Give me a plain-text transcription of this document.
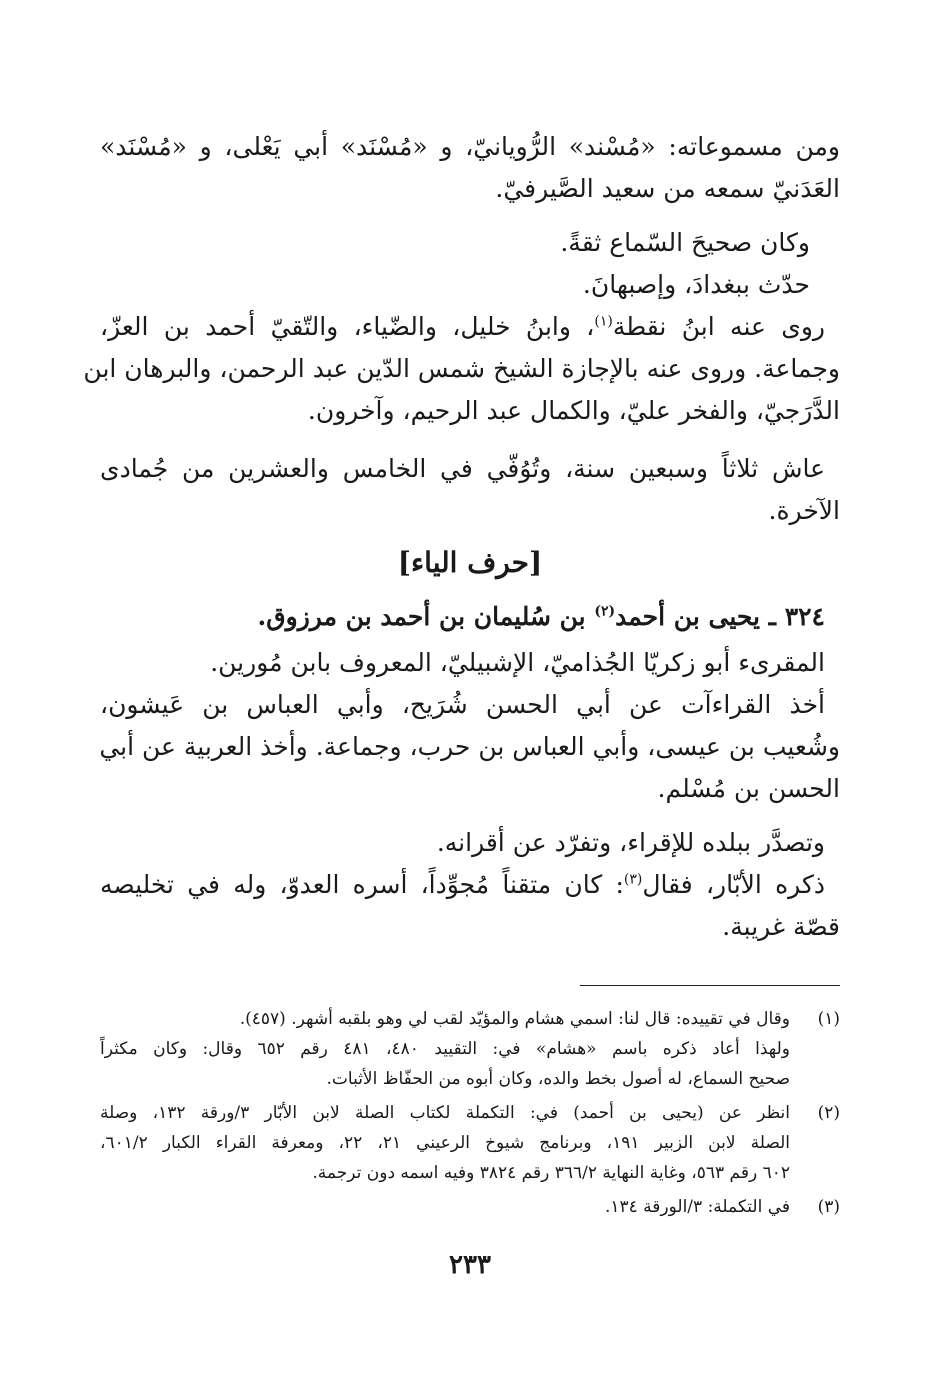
ومن مسموعاته: «مُسْند» الرُّويانيّ، و «مُسْنَد» أبي يَعْلى، و «مُسْنَد»
العَدَنيّ سمعه من سعيد الصَّيرفيّ.
وكان صحيحَ السّماع ثقةً.
حدّث ببغدادَ، وإصبهانَ.
روى عنه ابنُ نقطة$^{(١)}$، وابنُ خليل، والضّياء، والتّقيّ أحمد بن العزّ،
وجماعة. وروى عنه بالإجازة الشيخ شمس الدّين عبد الرحمن، والبرهان ابن
الدَّرَجيّ، والفخر عليّ، والكمال عبد الرحيم، وآخرون.
عاش ثلاثاً وسبعين سنة، وتُوُفّي في الخامس والعشرين من جُمادى
الآخرة.
[حرف الياء]
٣٢٤ ـ يحيى بن أحمد$^{(٢)}$ بن سُليمان بن أحمد بن مرزوق.
المقرىء أبو زكريّا الجُذاميّ، الإشبيليّ، المعروف بابن مُورين.
أخذ القراءآت عن أبي الحسن شُرَيح، وأبي العباس بن عَيشون،
وشُعيب بن عيسى، وأبي العباس بن حرب، وجماعة. وأخذ العربية عن أبي
الحسن بن مُسْلم.
وتصدَّر ببلده للإقراء، وتفرّد عن أقرانه.
ذكره الأبّار، فقال$^{(٣)}$: كان متقناً مُجوِّداً، أسره العدوّ، وله في تخليصه
قصّة غريبة.
(١)
وقال في تقييده: قال لنا: اسمي هشام والمؤيّد لقب لي وهو بلقبه أشهر. (٤٥٧).
ولهذا أعاد ذكره باسم «هشام» في: التقييد ٤٨٠، ٤٨١ رقم ٦٥٢ وقال: وكان مكثراً
صحيح السماع، له أصول بخط والده، وكان أبوه من الحفّاظ الأثبات.
(٢)
انظر عن (يحيى بن أحمد) في: التكملة لكتاب الصلة لابن الأبّار ٣/ورقة ١٣٢، وصلة
الصلة لابن الزبير ١٩١، وبرنامج شيوخ الرعيني ٢١، ٢٢، ومعرفة القراء الكبار ٦٠١/٢،
٦٠٢ رقم ٥٦٣، وغاية النهاية ٣٦٦/٢ رقم ٣٨٢٤ وفيه اسمه دون ترجمة.
(٣)
في التكملة: ٣/الورقة ١٣٤.
٢٣٣
